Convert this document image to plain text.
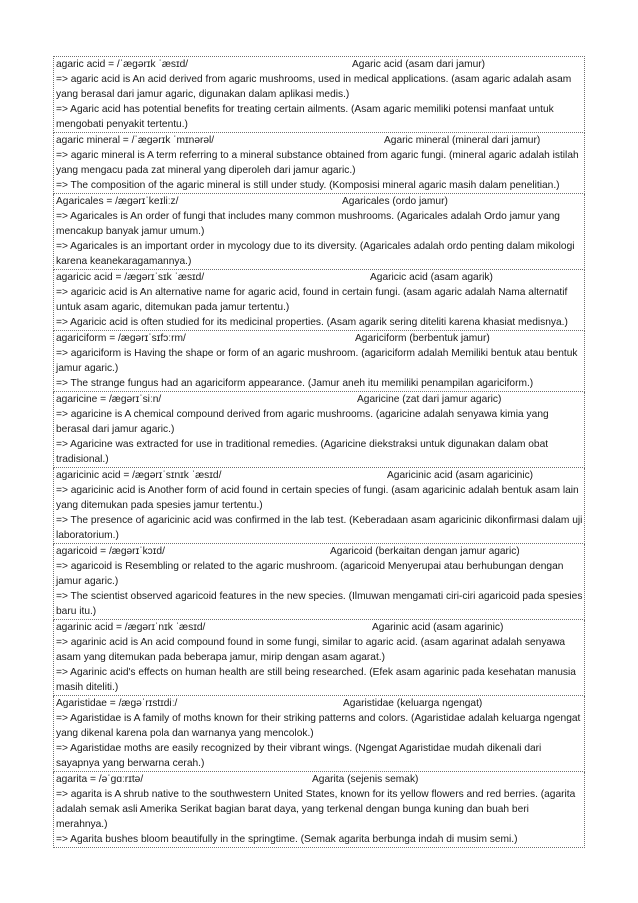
agaric acid = /ˈæɡərɪk ˈæsɪd/	Agaric acid (asam dari jamur)
=> agaric acid is An acid derived from agaric mushrooms, used in medical applications. (asam agaric adalah asam yang berasal dari jamur agaric, digunakan dalam aplikasi medis.)
=> Agaric acid has potential benefits for treating certain ailments. (Asam agaric memiliki potensi manfaat untuk mengobati penyakit tertentu.)
agaric mineral = /ˈæɡərɪk ˈmɪnərəl/	Agaric mineral (mineral dari jamur)
=> agaric mineral is A term referring to a mineral substance obtained from agaric fungi. (mineral agaric adalah istilah yang mengacu pada zat mineral yang diperoleh dari jamur agaric.)
=> The composition of the agaric mineral is still under study. (Komposisi mineral agaric masih dalam penelitian.)
Agaricales = /æɡərɪˈkeɪliːz/	Agaricales (ordo jamur)
=> Agaricales is An order of fungi that includes many common mushrooms. (Agaricales adalah Ordo jamur yang mencakup banyak jamur umum.)
=> Agaricales is an important order in mycology due to its diversity. (Agaricales adalah ordo penting dalam mikologi karena keanekaragamannya.)
agaricic acid = /æɡərɪˈsɪk ˈæsɪd/	Agaricic acid (asam agarik)
=> agaricic acid is An alternative name for agaric acid, found in certain fungi. (asam agaric adalah Nama alternatif untuk asam agaric, ditemukan pada jamur tertentu.)
=> Agaricic acid is often studied for its medicinal properties. (Asam agarik sering diteliti karena khasiat medisnya.)
agariciform = /æɡərɪˈsɪfɔːrm/	Agariciform (berbentuk jamur)
=> agariciform is Having the shape or form of an agaric mushroom. (agariciform adalah Memiliki bentuk atau bentuk jamur agaric.)
=> The strange fungus had an agariciform appearance. (Jamur aneh itu memiliki penampilan agariciform.)
agaricine = /æɡərɪˈsiːn/	Agaricine (zat dari jamur agaric)
=> agaricine is A chemical compound derived from agaric mushrooms. (agaricine adalah senyawa kimia yang berasal dari jamur agaric.)
=> Agaricine was extracted for use in traditional remedies. (Agaricine diekstraksi untuk digunakan dalam obat tradisional.)
agaricinic acid = /æɡərɪˈsɪnɪk ˈæsɪd/	Agaricinic acid (asam agaricinic)
=> agaricinic acid is Another form of acid found in certain species of fungi. (asam agaricinic adalah bentuk asam lain yang ditemukan pada spesies jamur tertentu.)
=> The presence of agaricinic acid was confirmed in the lab test. (Keberadaan asam agaricinic dikonfirmasi dalam uji laboratorium.)
agaricoid = /æɡərɪˈkɔɪd/	Agaricoid (berkaitan dengan jamur agaric)
=> agaricoid is Resembling or related to the agaric mushroom. (agaricoid Menyerupai atau berhubungan dengan jamur agaric.)
=> The scientist observed agaricoid features in the new species. (Ilmuwan mengamati ciri-ciri agaricoid pada spesies baru itu.)
agarinic acid = /æɡərɪˈnɪk ˈæsɪd/	Agarinic acid (asam agarinic)
=> agarinic acid is An acid compound found in some fungi, similar to agaric acid. (asam agarinat adalah senyawa asam yang ditemukan pada beberapa jamur, mirip dengan asam agarat.)
=> Agarinic acid's effects on human health are still being researched. (Efek asam agarinic pada kesehatan manusia masih diteliti.)
Agaristidae = /æɡəˈrɪstɪdiː/	Agaristidae (keluarga ngengat)
=> Agaristidae is A family of moths known for their striking patterns and colors. (Agaristidae adalah keluarga ngengat yang dikenal karena pola dan warnanya yang mencolok.)
=> Agaristidae moths are easily recognized by their vibrant wings. (Ngengat Agaristidae mudah dikenali dari sayapnya yang berwarna cerah.)
agarita = /əˈɡɑːrɪtə/	Agarita (sejenis semak)
=> agarita is A shrub native to the southwestern United States, known for its yellow flowers and red berries. (agarita adalah semak asli Amerika Serikat bagian barat daya, yang terkenal dengan bunga kuning dan buah beri merahnya.)
=> Agarita bushes bloom beautifully in the springtime. (Semak agarita berbunga indah di musim semi.)
